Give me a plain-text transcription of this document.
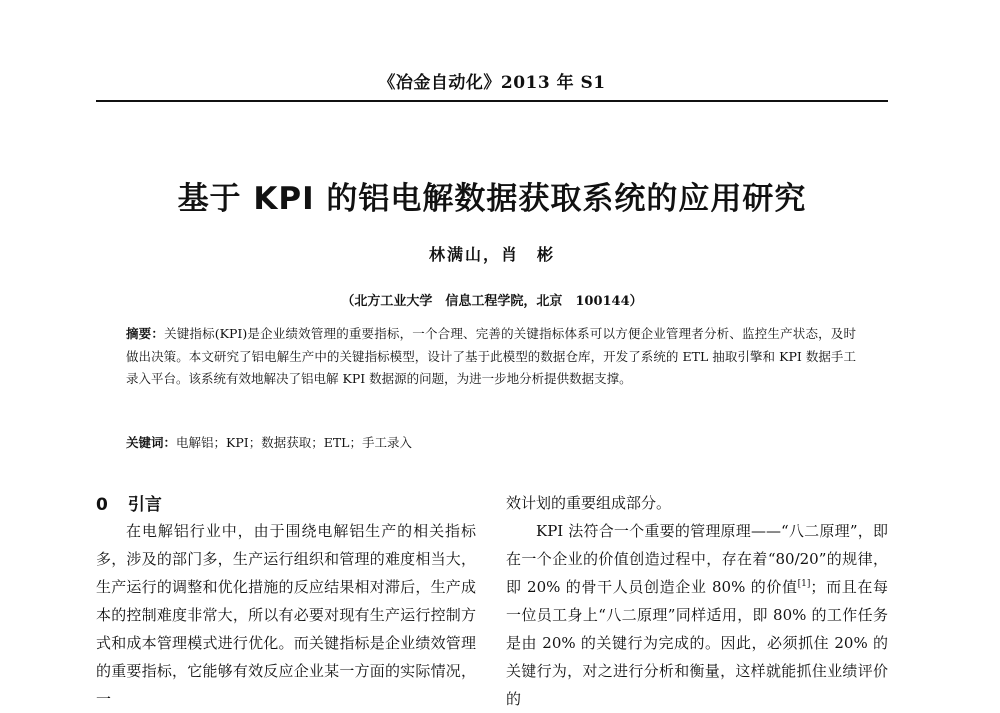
《冶金自动化》2013 年 S1
基于 KPI 的铝电解数据获取系统的应用研究
林满山，肖　彬
（北方工业大学　信息工程学院，北京　100144）
摘要：关键指标(KPI)是企业绩效管理的重要指标，一个合理、完善的关键指标体系可以方便企业管理者分析、监控生产状态，及时做出决策。本文研究了铝电解生产中的关键指标模型，设计了基于此模型的数据仓库，开发了系统的 ETL 抽取引擎和 KPI 数据手工录入平台。该系统有效地解决了铝电解 KPI 数据源的问题，为进一步地分析提供数据支撑。
关键词：电解铝；KPI；数据获取；ETL；手工录入
0 引言

在电解铝行业中，由于围绕电解铝生产的相关指标多，涉及的部门多，生产运行组织和管理的难度相当大，生产运行的调整和优化措施的反应结果相对滞后，生产成本的控制难度非常大，所以有必要对现有生产运行控制方式和成本管理模式进行优化。而关键指标是企业绩效管理的重要指标，它能够有效反应企业某一方面的实际情况，一

效计划的重要组成部分。

KPI 法符合一个重要的管理原理——“八二原理”，即在一个企业的价值创造过程中，存在着“80/20”的规律，即 20% 的骨干人员创造企业 80% 的价值[1]；而且在每一位员工身上“八二原理”同样适用，即 80% 的工作任务是由 20% 的关键行为完成的。因此，必须抓住 20% 的关键行为，对之进行分析和衡量，这样就能抓住业绩评价的
